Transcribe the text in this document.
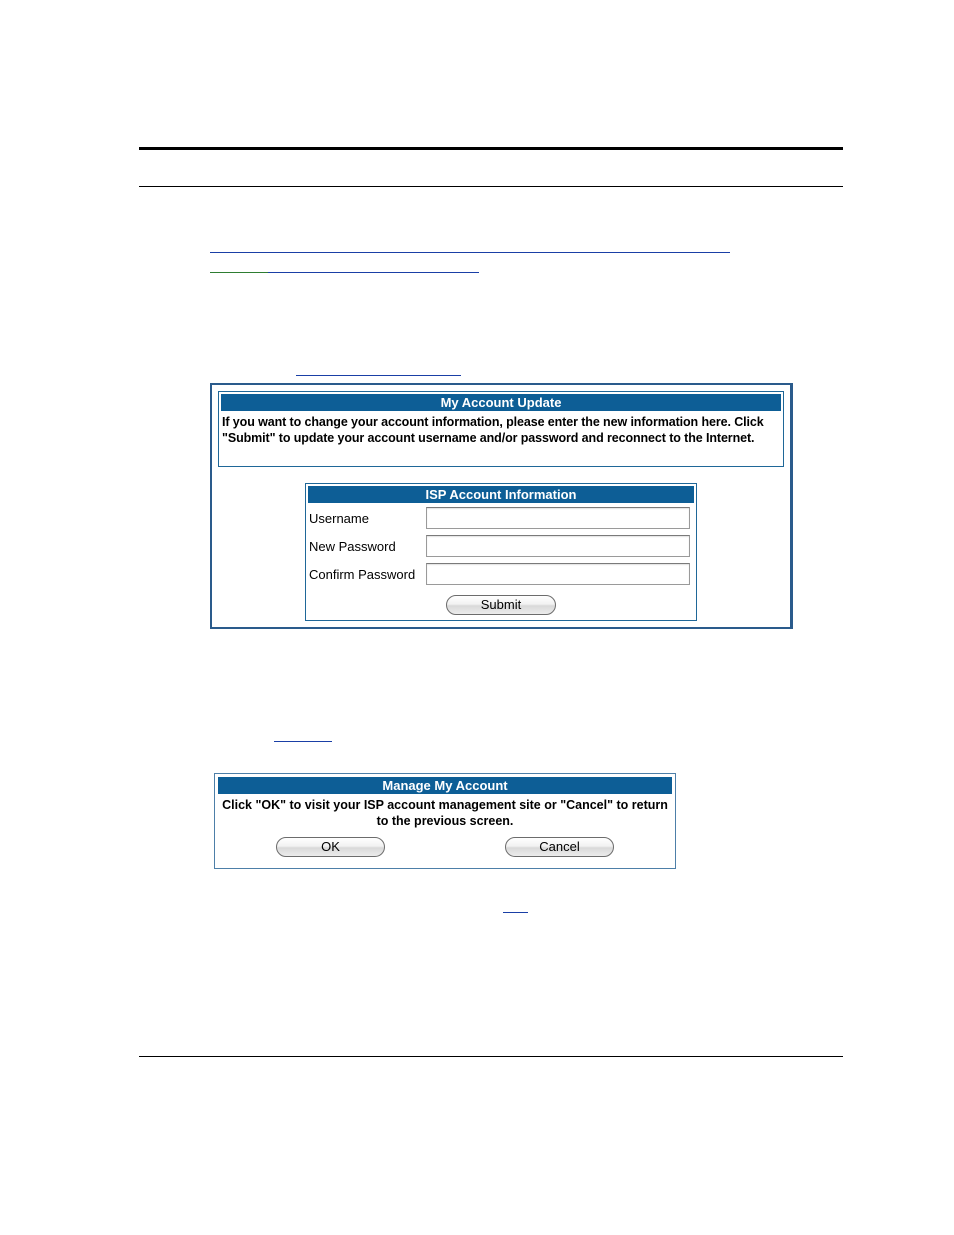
My Account Update
If you want to change your account information, please enter the new information here. Click "Submit" to update your account username and/or password and reconnect to the Internet.
ISP Account Information
Username
New Password
Confirm Password
Submit
Manage My Account
Click "OK" to visit your ISP account management site or "Cancel" to return to the previous screen.
OK	Cancel
